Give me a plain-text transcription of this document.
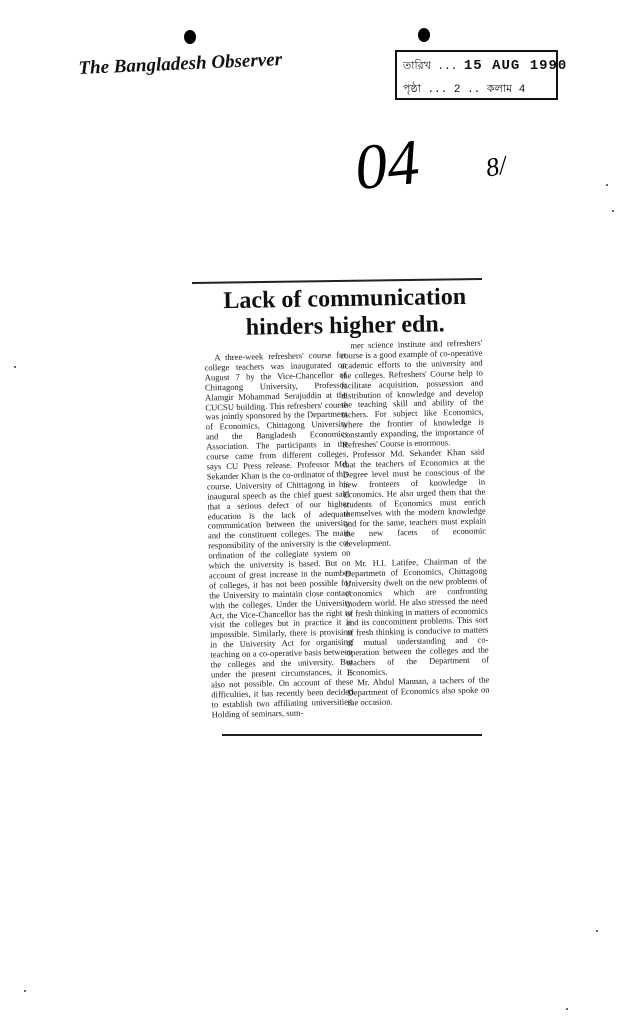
The Bangladesh Observer	তারিখ ... 15 AUG 1990
পৃষ্ঠা ... 2 .. কলাম 4
04 8/
Lack of communication
hinders higher edn.

A three-week refreshers' course for college teachers was inaugurated on August 7 by the Vice-Chancellor of Chittagong University, Professor Alamgir Mohammad Serajuddin at the CUCSU building. This refreshers' course was jointly sponsored by the Department of Economics, Chittagong University and the Bangladesh Economics Association. The participants in the course came from different colleges, says CU Press release. Professor Md. Sekander Khan is the co-ordinator of this course. University of Chittagong in his inaugural speech as the chief guest said that a serious defect of our higher education is the lack of adequate communication between the university and the constituent colleges. The main responsibility of the university is the co-ordination of the collegiate system on which the university is based. But on account of great increase in the number of colleges, it has not been possible for the University to maintain close contact with the colleges. Under the University Act, the Vice-Chancellor has the right to visit the colleges but in practice it is impossible. Similarly, there is provision in the University Act for organising teaching on a co-operative basis between the colleges and the university. But under the present circumstances, it is also not possible. On account of these difficulties, it has recently been decided to establish two affiliating universities. Holding of seminars, sum-

mer science institute and refreshers' course is a good example of co-operative academic efforts to the university and the colleges. Refreshers' Course help to facilitate acquisition, possession and distribution of knowledge and develop the teaching skill and ability of the tachers. For subject like Economics, where the frontier of knowledge is constantly expanding, the importance of Refreshes' Course is enormous.

Professor Md. Sekander Khan said that the teachers of Economics at the Degree level must be conscious of the new fronteers of knowledge in Economics. He also urged them that the students of Economics must enrich themselves with the modern knowledge and for the same, teachers must explain the new facets of economic development.

Mr. H.I. Latifee, Chairman of the Departmetn of Economics, Chittagong University dwelt on the new problems of economics which are confronting modern world. He also stressed the need of fresh thinking in matters of economics and its concomittent problems. This sort of fresh thinking is conducive to matters of mutual understanding and co-operation between the colleges and the teachers of the Department of Economics.

Mr. Abdul Mannan, a tachers of the Department of Economics also spoke on the occasion.
